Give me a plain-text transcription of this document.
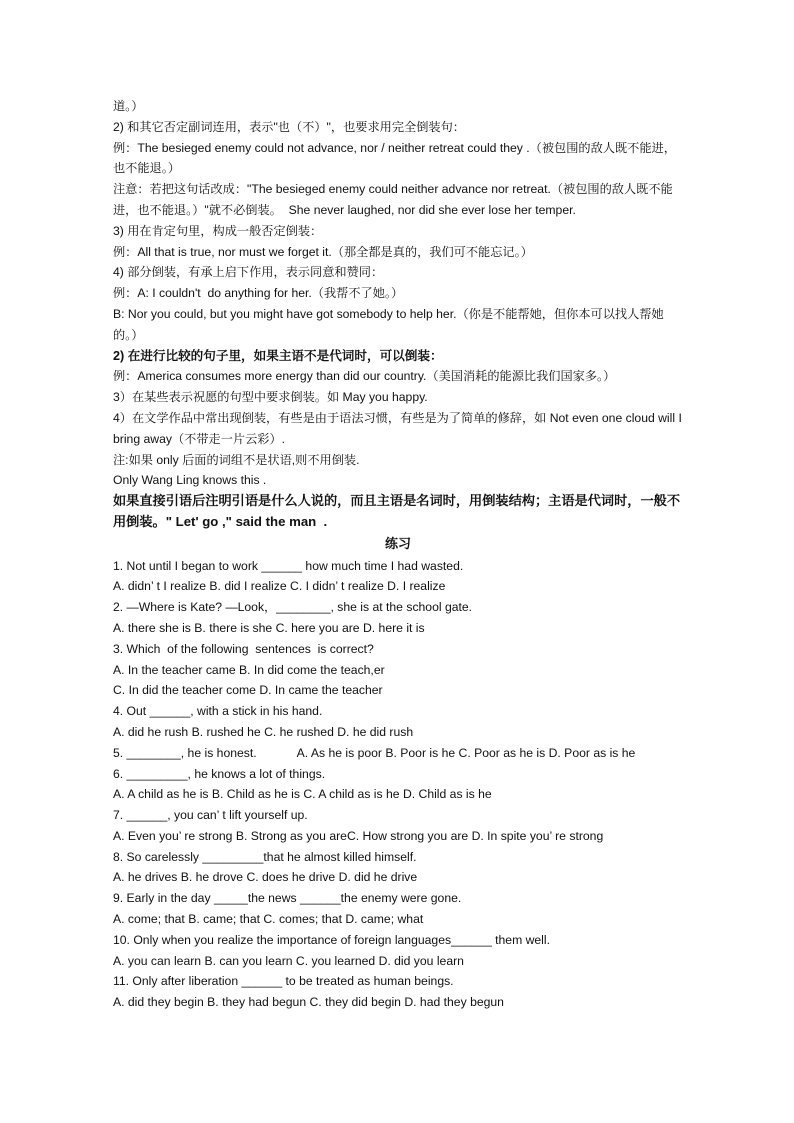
道。）
2) 和其它否定副词连用，表示"也（不）"，也要求用完全倒装句：
例：The besieged enemy could not advance, nor / neither retreat could they .（被包围的敌人既不能进，也不能退。）
注意：若把这句话改成："The besieged enemy could neither advance nor retreat.（被包围的敌人既不能进，也不能退。）"就不必倒装。  She never laughed, nor did she ever lose her temper.
3) 用在肯定句里，构成一般否定倒装：
例：All that is true, nor must we forget it.（那全都是真的，我们可不能忘记。）
4) 部分倒装，有承上启下作用，表示同意和赞同：
例：A: I couldn't  do anything for her.（我帮不了她。）
B: Nor you could, but you might have got somebody to help her.（你是不能帮她，但你本可以找人帮她的。）
2) 在进行比较的句子里，如果主语不是代词时，可以倒装：
例：America consumes more energy than did our country.（美国消耗的能源比我们国家多。）
3）在某些表示祝愿的句型中要求倒装。如 May you happy.
4）在文学作品中常出现倒装，有些是由于语法习惯，有些是为了简单的修辞，如 Not even one cloud will I bring away（不带走一片云彩）.
注:如果 only 后面的词组不是状语,则不用倒装.
Only Wang Ling knows this .
如果直接引语后注明引语是什么人说的，而且主语是名词时，用倒装结构；主语是代词时，一般不用倒装。" Let' go ," said the man  .
练习
1. Not until I began to work ______ how much time I had wasted.
A. didn’ t I realize B. did I realize C. I didn’ t realize D. I realize
2. —Where is Kate? —Look，________, she is at the school gate.
A. there she is B. there is she C. here you are D. here it is
3. Which  of the following  sentences  is correct?
A. In the teacher came B. In did come the teach,er
C. In did the teacher come D. In came the teacher
4. Out ______, with a stick in his hand.
A. did he rush B. rushed he C. he rushed D. he did rush
5. ________, he is honest.            A. As he is poor B. Poor is he C. Poor as he is D. Poor as is he
6. _________, he knows a lot of things.
A. A child as he is B. Child as he is C. A child as is he D. Child as is he
7. ______, you can’ t lift yourself up.
A. Even you’ re strong B. Strong as you areC. How strong you are D. In spite you’ re strong
8. So carelessly _________that he almost killed himself.
A. he drives B. he drove C. does he drive D. did he drive
9. Early in the day _____the news ______the enemy were gone.
A. come; that B. came; that C. comes; that D. came; what
10. Only when you realize the importance of foreign languages______ them well.
A. you can learn B. can you learn C. you learned D. did you learn
11. Only after liberation ______ to be treated as human beings.
A. did they begin B. they had begun C. they did begin D. had they begun
